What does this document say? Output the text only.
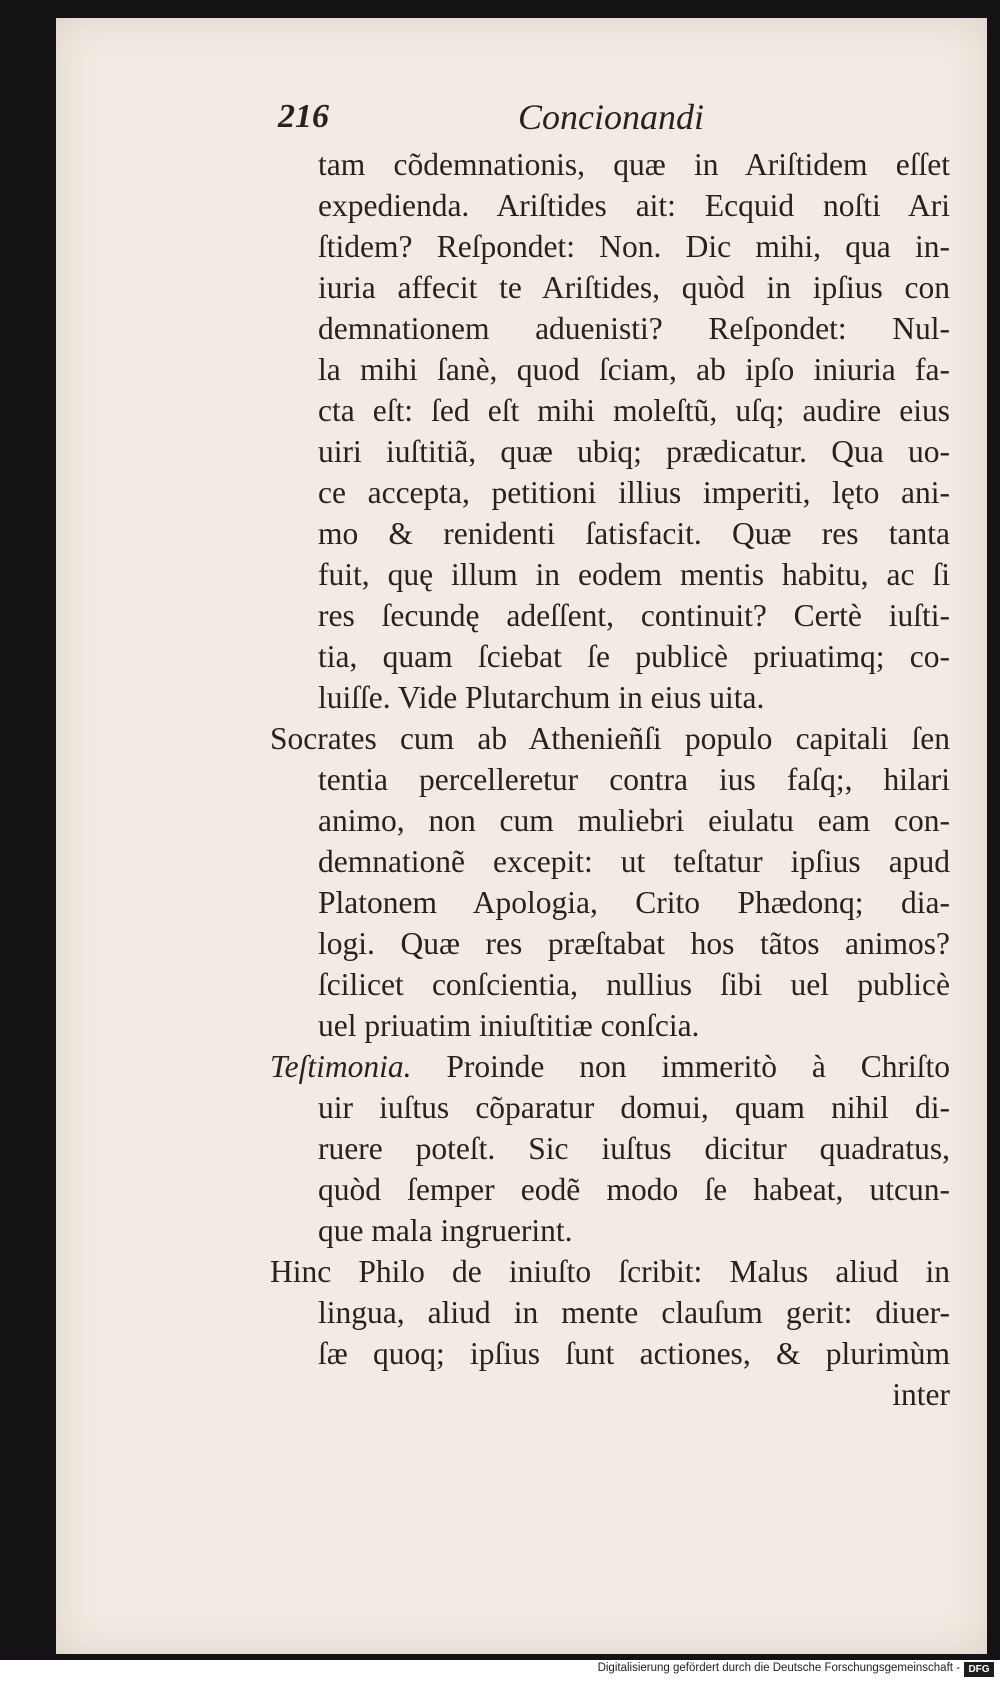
216	Concionandi
tam cõdemnationis, quæ in Ariſtidem eſſet
expedienda. Ariſtides ait: Ecquid noſti Ari
ſtidem? Reſpondet: Non. Dic mihi, qua in-
iuria affecit te Ariſtides, quòd in ipſius con
demnationem aduenisti? Reſpondet: Nul-
la mihi ſanè, quod ſciam, ab ipſo iniuria fa-
cta eſt: ſed eſt mihi moleſtũ, uſq; audire eius
uiri iuſtitiã, quæ ubiq; prædicatur. Qua uo-
ce accepta, petitioni illius imperiti, lęto ani-
mo & renidenti ſatisfacit. Quæ res tanta
fuit, quę illum in eodem mentis habitu, ac ſi
res ſecundę adeſſent, continuit? Certè iuſti-
tia, quam ſciebat ſe publicè priuatimq; co-
luiſſe. Vide Plutarchum in eius uita.
Socrates cum ab Athenieñſi populo capitali ſen
tentia percelleretur contra ius faſq;, hilari
animo, non cum muliebri eiulatu eam con-
demnationẽ excepit: ut teſtatur ipſius apud
Platonem Apologia, Crito Phædonq; dia-
logi. Quæ res præſtabat hos tãtos animos?
ſcilicet conſcientia, nullius ſibi uel publicè
uel priuatim iniuſtitiæ conſcia.
Teſtimonia. Proinde non immeritò à Chriſto
uir iuſtus cõparatur domui, quam nihil di-
ruere poteſt. Sic iuſtus dicitur quadratus,
quòd ſemper eodẽ modo ſe habeat, utcun-
que mala ingruerint.
Hinc Philo de iniuſto ſcribit: Malus aliud in
lingua, aliud in mente clauſum gerit: diuer-
ſæ quoq; ipſius ſunt actiones, & plurimùm
inter
Digitalisierung gefördert durch die Deutsche Forschungsgemeinschaft - DFG
